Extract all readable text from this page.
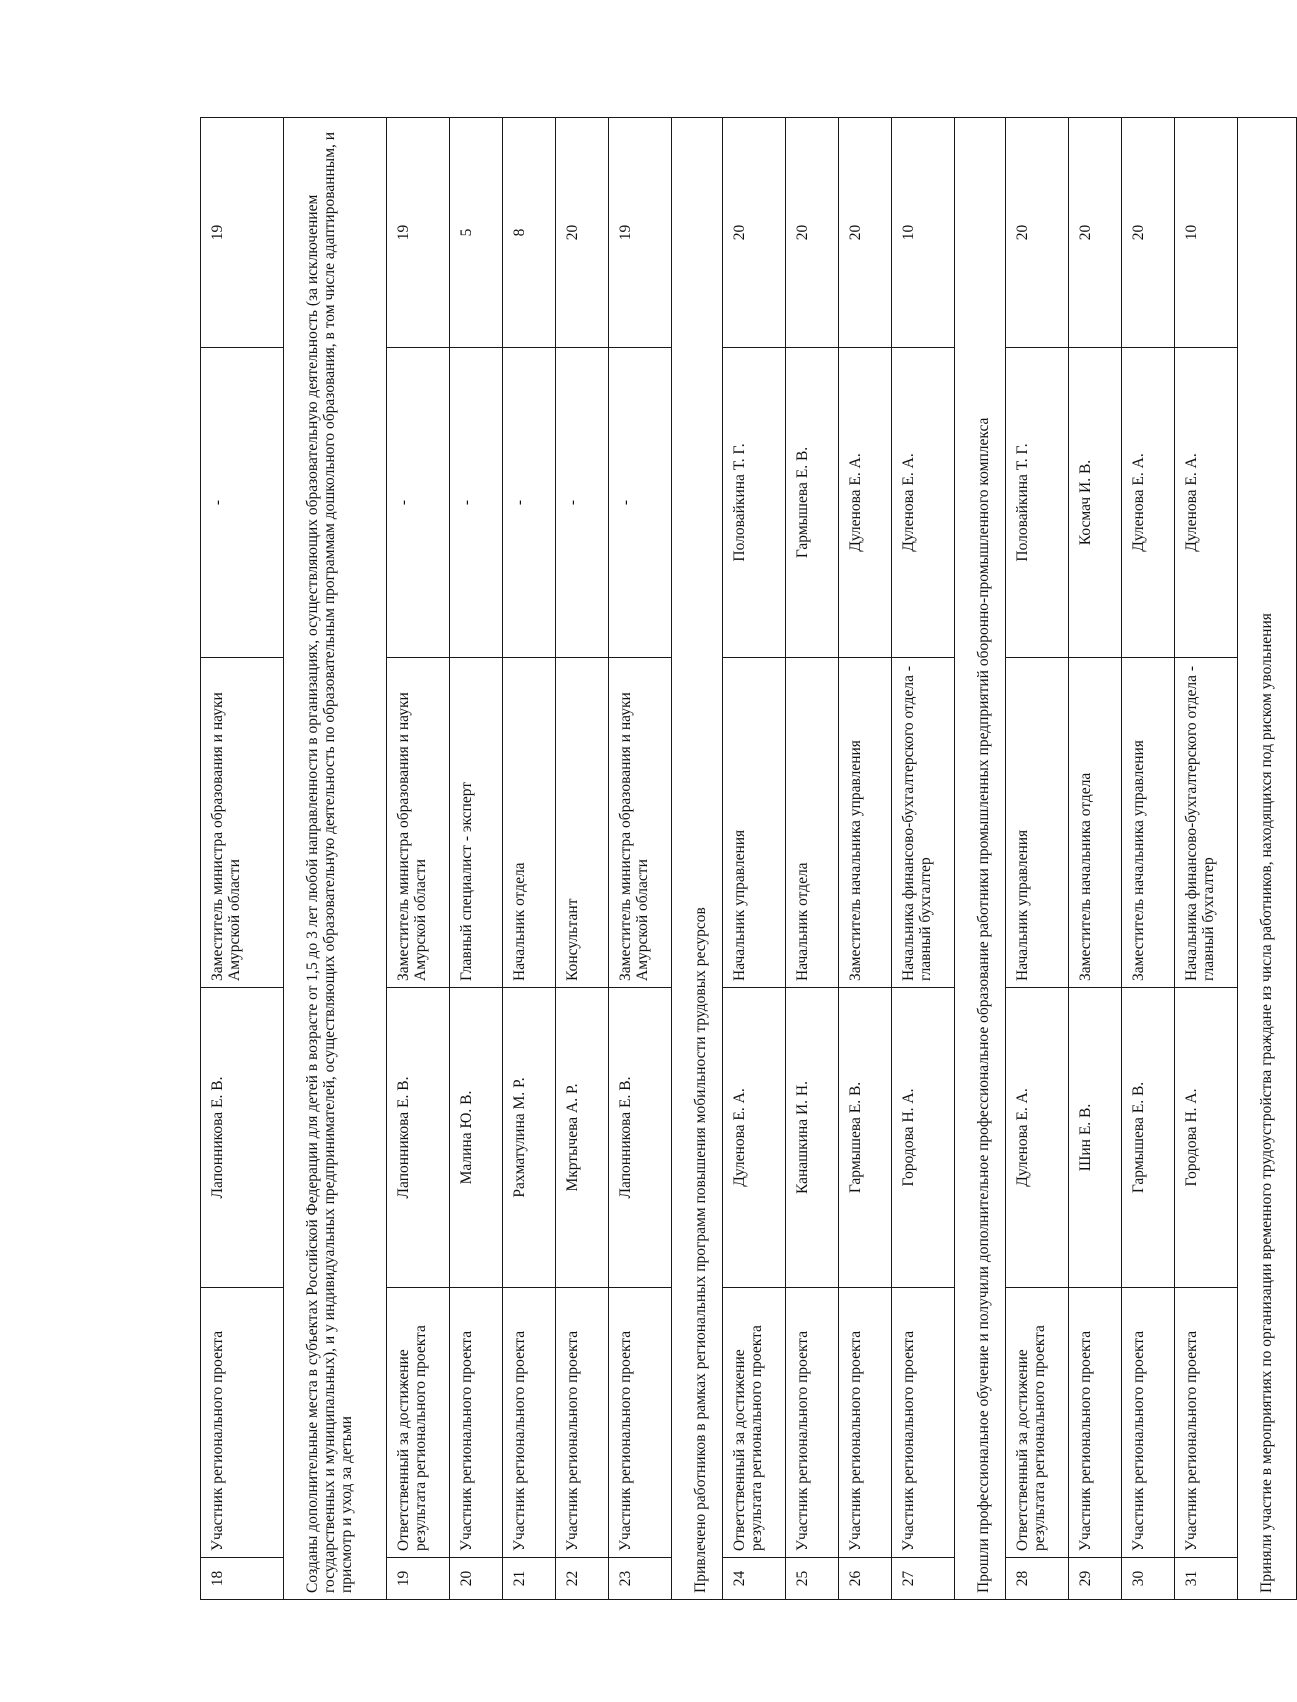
18	Участник регионального проекта	Лапонникова Е. В.	Заместитель министра образования и науки Амурской области	-	19

Созданы дополнительные места в субъектах Российской Федерации для детей в возрасте от 1,5 до 3 лет любой направленности в организациях, осуществляющих образовательную деятельность (за исключением государственных и муниципальных), и у индивидуальных предпринимателей, осуществляющих образовательную деятельность по образовательным программам дошкольного образования, в том числе адаптированным, и присмотр и уход за детьми					
19	Ответственный за достижение результата регионального проекта	Лапонникова Е. В.	Заместитель министра образования и науки Амурской области	-	19
20	Участник регионального проекта	Малина Ю. В.	Главный специалист - эксперт	-	5
21	Участник регионального проекта	Рахматулина М. Р.	Начальник отдела	-	8
22	Участник регионального проекта	Мкртычева А. Р.	Консультант	-	20
23	Участник регионального проекта	Лапонникова Е. В.	Заместитель министра образования и науки Амурской области	-	19

Привлечено работников в рамках региональных программ повышения мобильности трудовых ресурсов					
24	Ответственный за достижение результата регионального проекта	Дуленова Е. А.	Начальник управления	Половайкина Т. Г.	20
25	Участник регионального проекта	Канашкина И. Н.	Начальник отдела	Гармышева Е. В.	20
26	Участник регионального проекта	Гармышева Е. В.	Заместитель начальника управления	Дуленова Е. А.	20
27	Участник регионального проекта	Городова Н. А.	Начальника финансово-бухгалтерского отдела - главный бухгалтер	Дуленова Е. А.	10

Прошли профессиональное обучение и получили дополнительное профессиональное образование работники промышленных предприятий оборонно-промышленного комплекса					
28	Ответственный за достижение результата регионального проекта	Дуленова Е. А.	Начальник управления	Половайкина Т. Г.	20
29	Участник регионального проекта	Шин Е. В.	Заместитель начальника отдела	Космач И. В.	20
30	Участник регионального проекта	Гармышева Е. В.	Заместитель начальника управления	Дуленова Е. А.	20
31	Участник регионального проекта	Городова Н. А.	Начальника финансово-бухгалтерского отдела - главный бухгалтер	Дуленова Е. А.	10

Приняли участие в мероприятиях по организации временного трудоустройства граждане из числа работников, находящихся под риском увольнения					
